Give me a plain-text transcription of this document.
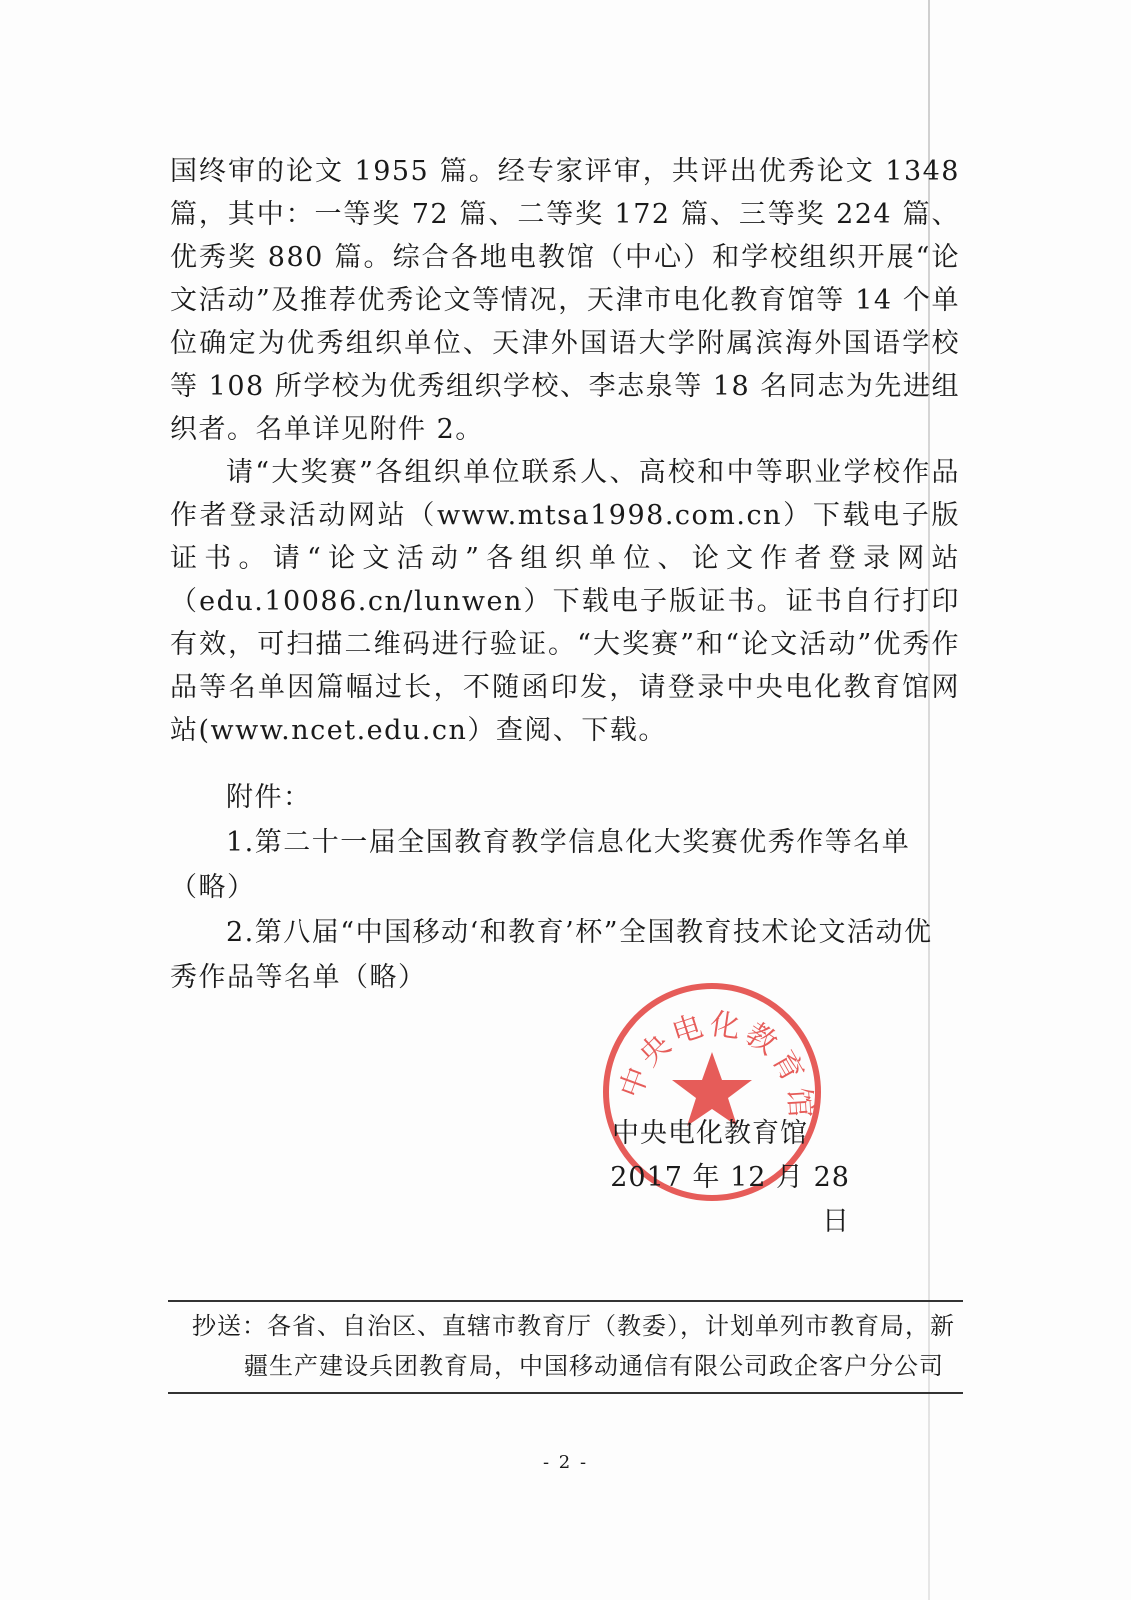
国终审的论文 1955 篇。经专家评审，共评出优秀论文 1348 篇，其中：一等奖 72 篇、二等奖 172 篇、三等奖 224 篇、优秀奖 880 篇。综合各地电教馆（中心）和学校组织开展“论文活动”及推荐优秀论文等情况，天津市电化教育馆等 14 个单位确定为优秀组织单位、天津外国语大学附属滨海外国语学校等 108 所学校为优秀组织学校、李志泉等 18 名同志为先进组织者。名单详见附件 2。

请“大奖赛”各组织单位联系人、高校和中等职业学校作品作者登录活动网站（www.mtsa1998.com.cn）下载电子版证书。请“论文活动”各组织单位、论文作者登录网站（edu.10086.cn/lunwen）下载电子版证书。证书自行打印有效，可扫描二维码进行验证。“大奖赛”和“论文活动”优秀作品等名单因篇幅过长，不随函印发，请登录中央电化教育馆网站(www.ncet.edu.cn）查阅、下载。

附件：

1.第二十一届全国教育教学信息化大奖赛优秀作等名单（略）

2.第八届“中国移动‘和教育’杯”全国教育技术论文活动优秀作品等名单（略）

中央电化教育馆
中央电化教育馆
2017 年 12 月 28 日
抄送：各省、自治区、直辖市教育厅（教委），计划单列市教育局，新
疆生产建设兵团教育局，中国移动通信有限公司政企客户分公司
- 2 -
